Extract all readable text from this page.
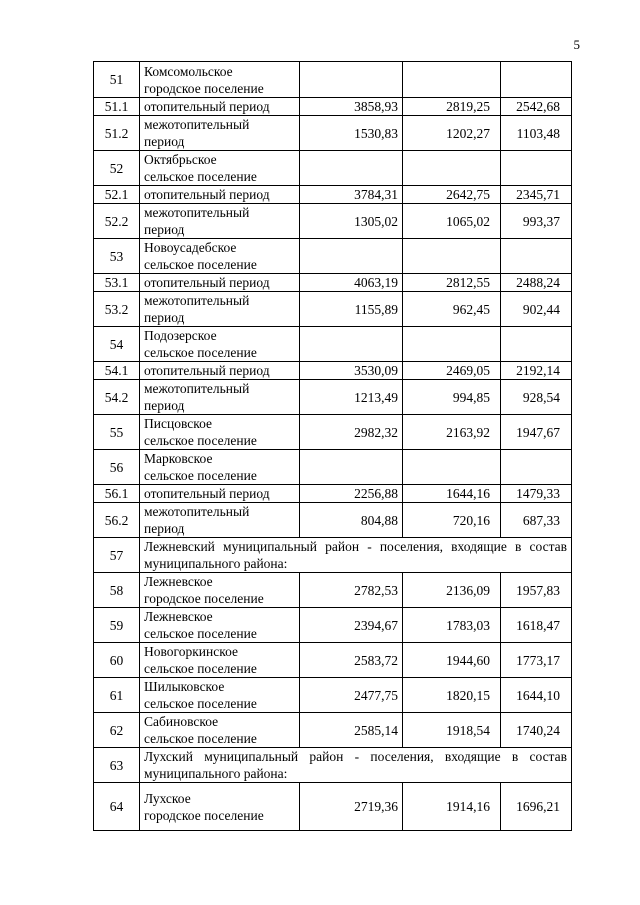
5
51	Комсомольское
городское поселение			
51.1	отопительный период	3858,93	2819,25	2542,68
51.2	межотопительный
период	1530,83	1202,27	1103,48
52	Октябрьское
сельское поселение			
52.1	отопительный период	3784,31	2642,75	2345,71
52.2	межотопительный
период	1305,02	1065,02	993,37
53	Новоусадебское
сельское поселение			
53.1	отопительный период	4063,19	2812,55	2488,24
53.2	межотопительный
период	1155,89	962,45	902,44
54	Подозерское
сельское поселение			
54.1	отопительный период	3530,09	2469,05	2192,14
54.2	межотопительный
период	1213,49	994,85	928,54
55	Писцовское
сельское поселение	2982,32	2163,92	1947,67
56	Марковское
сельское поселение			
56.1	отопительный период	2256,88	1644,16	1479,33
56.2	межотопительный
период	804,88	720,16	687,33
57	Лежневский муниципальный район - поселения, входящие в состав муниципального района:			
58	Лежневское
городское поселение	2782,53	2136,09	1957,83
59	Лежневское
сельское поселение	2394,67	1783,03	1618,47
60	Новогоркинское
сельское поселение	2583,72	1944,60	1773,17
61	Шилыковское
сельское поселение	2477,75	1820,15	1644,10
62	Сабиновское
сельское поселение	2585,14	1918,54	1740,24
63	Лухский муниципальный район - поселения, входящие в состав муниципального района:			
64	Лухское
городское поселение	2719,36	1914,16	1696,21
